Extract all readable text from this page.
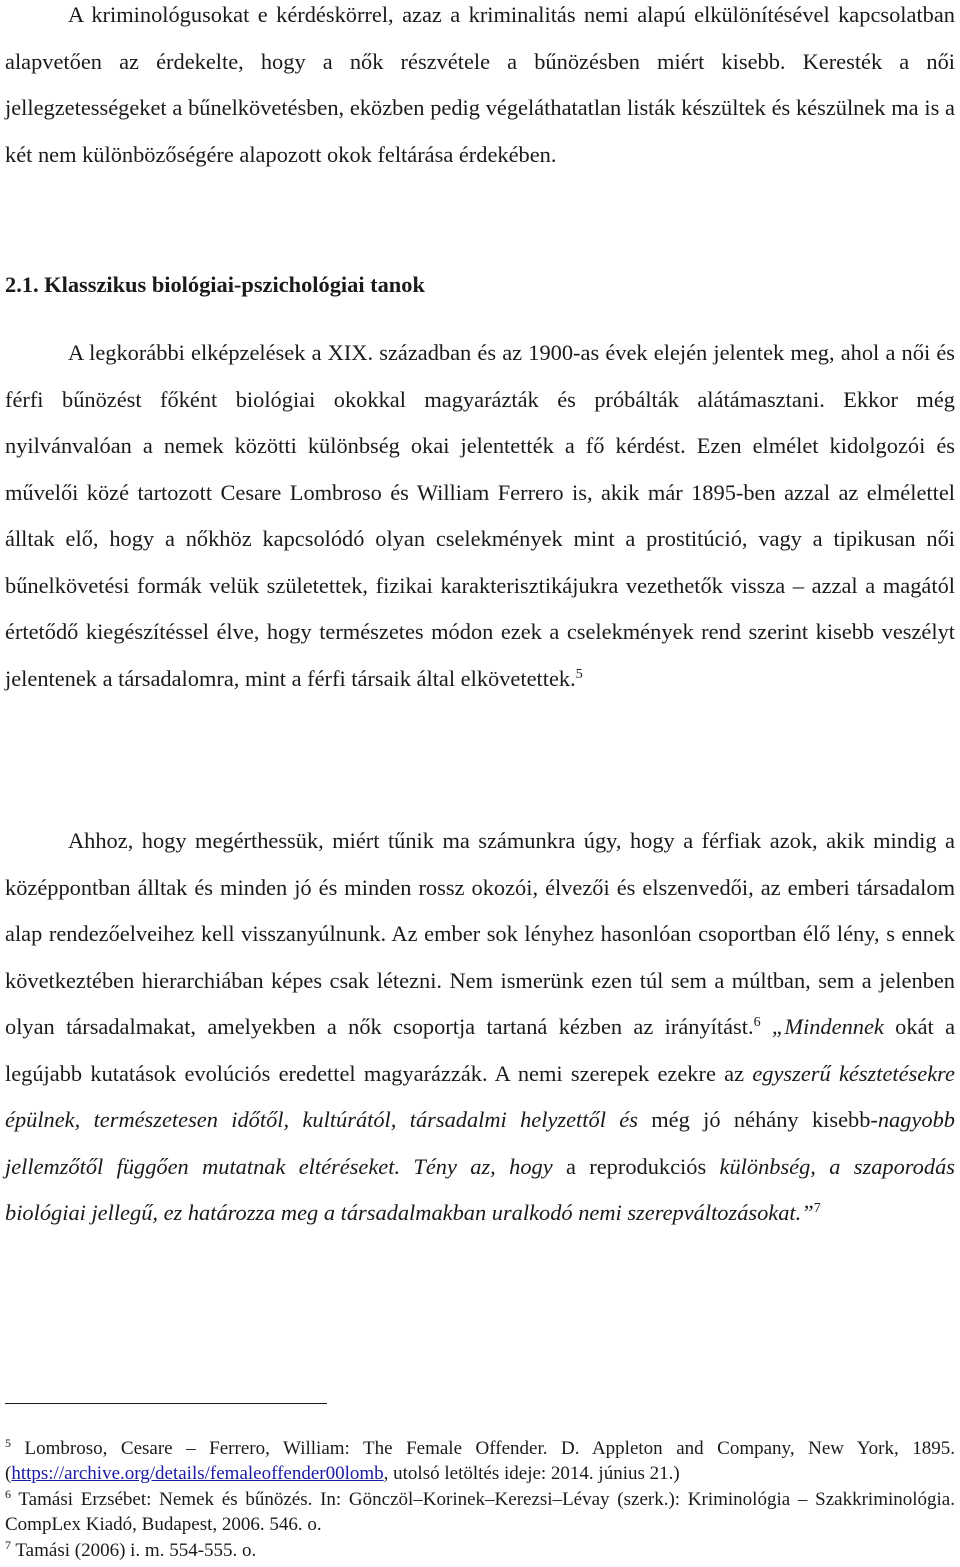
A kriminológusokat e kérdéskörrel, azaz a kriminalitás nemi alapú elkülönítésével kapcsolatban alapvetően az érdekelte, hogy a nők részvétele a bűnözésben miért kisebb. Keresték a női jellegzetességeket a bűnelkövetésben, eközben pedig végeláthatatlan listák készültek és készülnek ma is a két nem különbözőségére alapozott okok feltárása érdekében.

2.1. Klasszikus biológiai-pszichológiai tanok

A legkorábbi elképzelések a XIX. században és az 1900-as évek elején jelentek meg, ahol a női és férfi bűnözést főként biológiai okokkal magyarázták és próbálták alátámasztani. Ekkor még nyilvánvalóan a nemek közötti különbség okai jelentették a fő kérdést. Ezen elmélet kidolgozói és művelői közé tartozott Cesare Lombroso és William Ferrero is, akik már 1895-ben azzal az elmélettel álltak elő, hogy a nőkhöz kapcsolódó olyan cselekmények mint a prostitúció, vagy a tipikusan női bűnelkövetési formák velük születettek, fizikai karakterisztikájukra vezethetők vissza – azzal a magától értetődő kiegészítéssel élve, hogy természetes módon ezek a cselekmények rend szerint kisebb veszélyt jelentenek a társadalomra, mint a férfi társaik által elkövetettek.$^5$

Ahhoz, hogy megérthessük, miért tűnik ma számunkra úgy, hogy a férfiak azok, akik mindig a középpontban álltak és minden jó és minden rossz okozói, élvezői és elszenvedői, az emberi társadalom alap rendezőelveihez kell visszanyúlnunk. Az ember sok lényhez hasonlóan csoportban élő lény, s ennek következtében hierarchiában képes csak létezni. Nem ismerünk ezen túl sem a múltban, sem a jelenben olyan társadalmakat, amelyekben a nők csoportja tartaná kézben az irányítást.$^6$ „Mindennek okát a legújabb kutatások evolúciós eredettel magyarázzák. A nemi szerepek ezekre az egyszerű késztetésekre épülnek, természetesen időtől, kultúrától, társadalmi helyzettől és még jó néhány kisebb-nagyobb jellemzőtől függően mutatnak eltéréseket. Tény az, hogy a reprodukciós különbség, a szaporodás biológiai jellegű, ez határozza meg a társadalmakban uralkodó nemi szerepváltozásokat.”$^7$

$^5$ Lombroso, Cesare – Ferrero, William: The Female Offender. D. Appleton and Company, New York, 1895. (https://archive.org/details/femaleoffender00lomb, utolsó letöltés ideje: 2014. június 21.)
$^6$ Tamási Erzsébet: Nemek és bűnözés. In: Gönczöl–Korinek–Kerezsi–Lévay (szerk.): Kriminológia – Szakkriminológia. CompLex Kiadó, Budapest, 2006. 546. o.
$^7$ Tamási (2006) i. m. 554-555. o.
